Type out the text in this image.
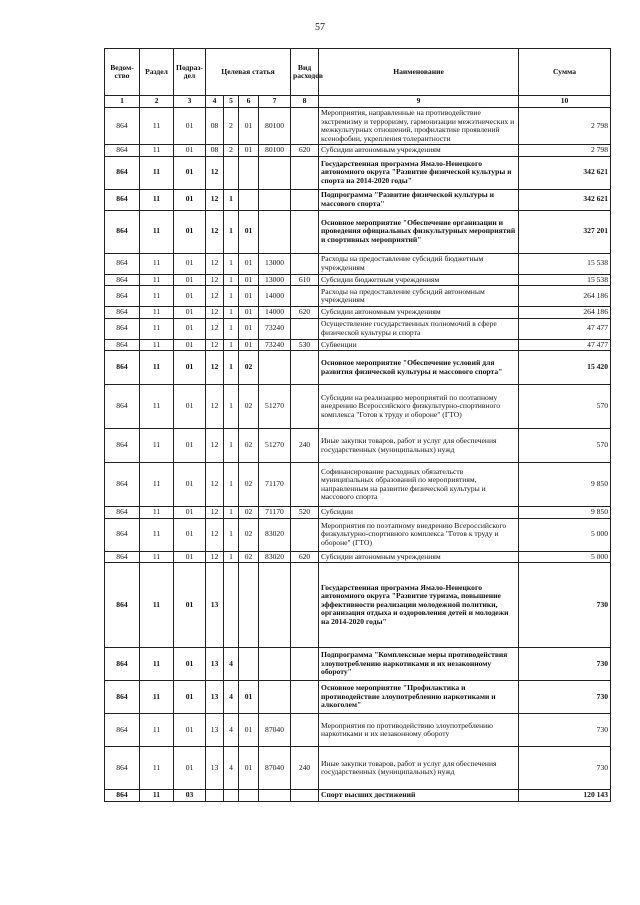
57
Ведом-ство	Раздел	Подраз-дел	Целевая статья				Вид расходов	Наименование	Сумма
1	2	3	4	5	6	7	8	9	10
864	11	01	08	2	01	80100		Мероприятия, направленные на противодействие экстремизму и терроризму, гармонизации межэтнических и межкультурных отношений, профилактике проявлений ксенофобии, укрепления толерантности	2 798
864	11	01	08	2	01	80100	620	Субсидии автономным учреждениям	2 798
864	11	01	12					Государственная программа Ямало-Ненецкого автономного округа "Развитие физической культуры и спорта на 2014-2020 годы"	342 621
864	11	01	12	1				Подпрограмма "Развитие физической культуры и массового спорта"	342 621
864	11	01	12	1	01			Основное мероприятие "Обеспечение организации и проведения официальных физкультурных мероприятий и спортивных мероприятий"	327 201
864	11	01	12	1	01	13000		Расходы на предоставление субсидий бюджетным учреждениям	15 538
864	11	01	12	1	01	13000	610	Субсидии бюджетным учреждениям	15 538
864	11	01	12	1	01	14000		Расходы на предоставление субсидий автономным учреждениям	264 186
864	11	01	12	1	01	14000	620	Субсидии автономным учреждениям	264 186
864	11	01	12	1	01	73240		Осуществление государственных полномочий в сфере физической культуры и спорта	47 477
864	11	01	12	1	01	73240	530	Субвенции	47 477
864	11	01	12	1	02			Основное мероприятие "Обеспечение условий для развития физической культуры и массового спорта"	15 420
864	11	01	12	1	02	51270		Субсидии на реализацию мероприятий по поэтапному внедрению Всероссийского физкультурно-спортивного комплекса "Готов к труду и обороне" (ГТО)	570
864	11	01	12	1	02	51270	240	Иные закупки товаров, работ и услуг для обеспечения государственных (муниципальных) нужд	570
864	11	01	12	1	02	71170		Софинансирование расходных обязательств муниципальных образований по мероприятиям, направленным на развитие физической культуры и массового спорта	9 850
864	11	01	12	1	02	71170	520	Субсидии	9 850
864	11	01	12	1	02	83020		Мероприятия по поэтапному внедрению Всероссийского физкультурно-спортивного комплекса "Готов к труду и обороне" (ГТО)	5 000
864	11	01	12	1	02	83020	620	Субсидии автономным учреждениям	5 000
864	11	01	13					Государственная программа Ямало-Ненецкого автономного округа "Развитие туризма, повышение эффективности реализации молодежной политики, организация отдыха и оздоровления детей и молодежи на 2014-2020 годы"	730
864	11	01	13	4				Подпрограмма "Комплексные меры противодействия злоупотреблению наркотиками и их незаконному обороту"	730
864	11	01	13	4	01			Основное мероприятие "Профилактика и противодействие злоупотреблению наркотиками и алкоголем"	730
864	11	01	13	4	01	87040		Мероприятия по противодействию злоупотреблению наркотиками и их незаконному обороту	730
864	11	01	13	4	01	87040	240	Иные закупки товаров, работ и услуг для обеспечения государственных (муниципальных) нужд	730
864	11	03						Спорт высших достижений	120 143
